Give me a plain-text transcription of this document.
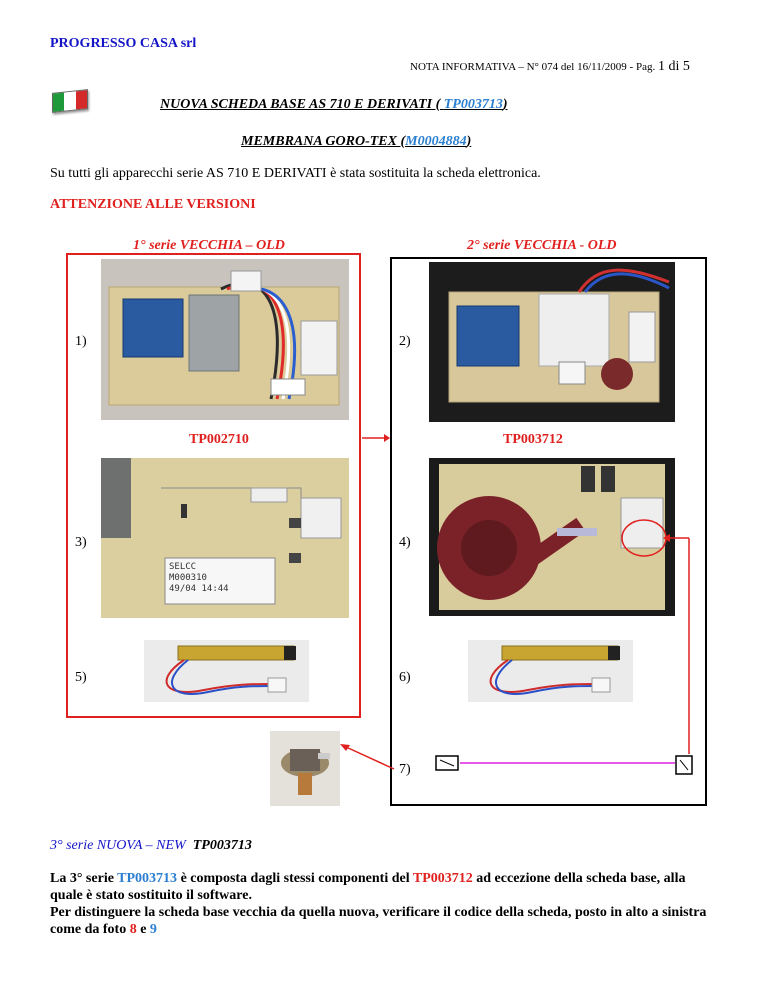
PROGRESSO CASA srl
NOTA INFORMATIVA – N° 074 del 16/11/2009 - Pag. 1 di 5
NUOVA SCHEDA BASE AS 710 E DERIVATI ( TP003713)
MEMBRANA GORO-TEX (M0004884)
Su tutti gli apparecchi serie AS 710 E DERIVATI è stata sostituita la scheda elettronica.
ATTENZIONE ALLE VERSIONI
1° serie VECCHIA – OLD	2° serie VECCHIA - OLD
1)	2)
TP002710	TP003712
SELCC
M000310
49/04 14:44
3)	4)
5)	6)
7)
3° serie NUOVA – NEW TP003713
La 3° serie TP003713 è composta dagli stessi componenti del TP003712 ad eccezione della scheda base, alla quale è stato sostituito il software.
Per distinguere la scheda base vecchia da quella nuova, verificare il codice della scheda, posto in alto a sinistra come da foto 8 e 9
